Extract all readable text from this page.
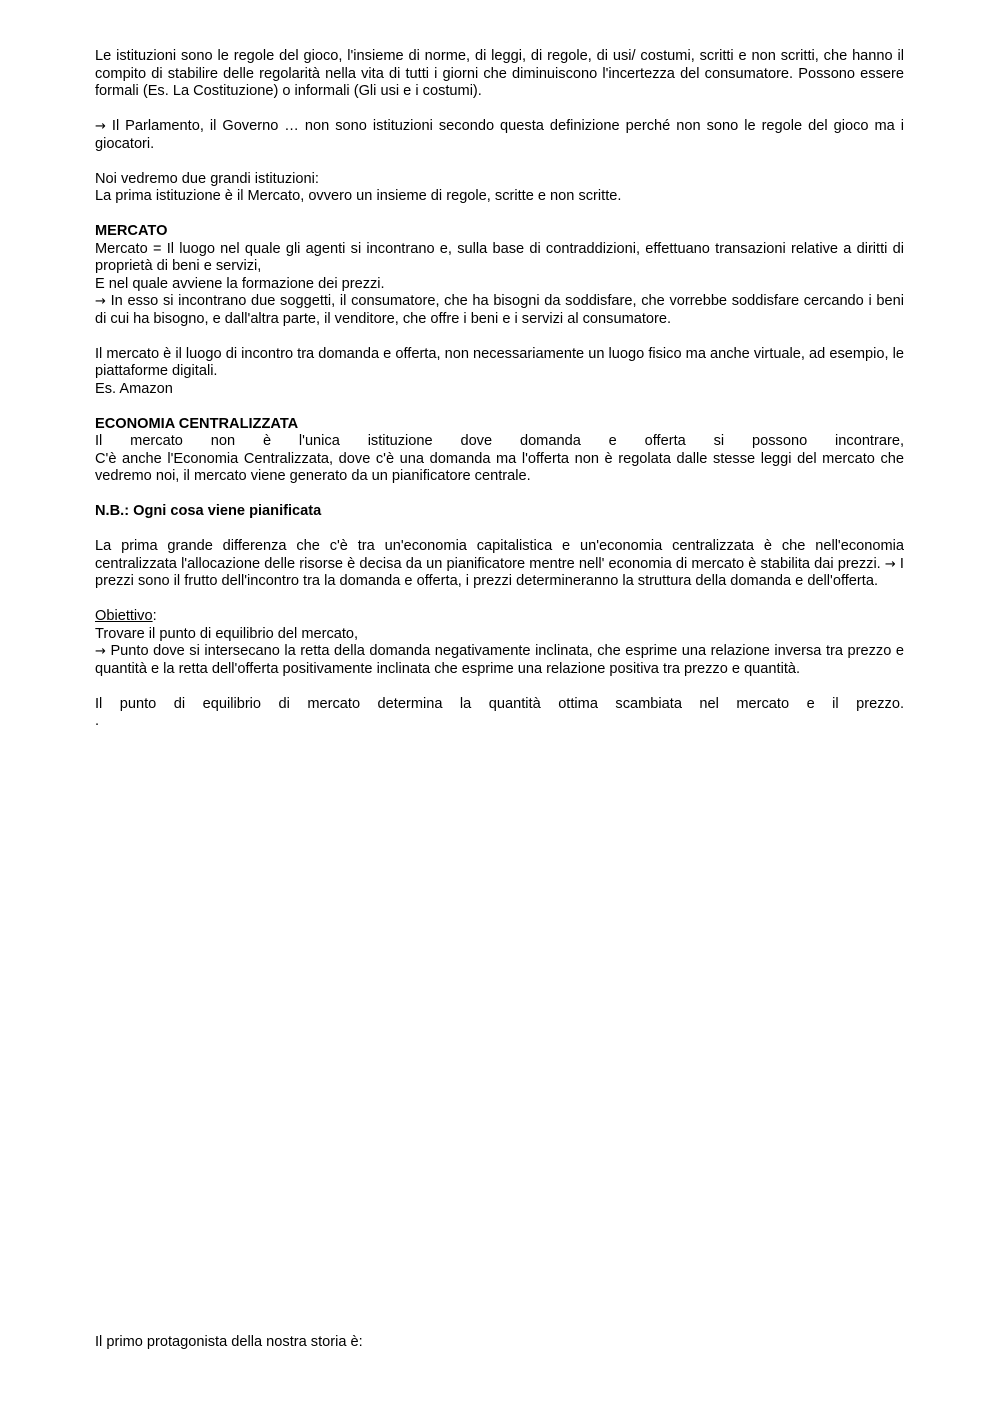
Le istituzioni sono le regole del gioco, l'insieme di norme, di leggi, di regole, di usi/ costumi, scritti e non scritti, che hanno il compito di stabilire delle regolarità nella vita di tutti i giorni che diminuiscono l'incertezza del consumatore. Possono essere formali (Es. La Costituzione) o informali (Gli usi e i costumi).

→ Il Parlamento, il Governo … non sono istituzioni secondo questa definizione perché non sono le regole del gioco ma i giocatori.

Noi vedremo due grandi istituzioni:

La prima istituzione è il Mercato, ovvero un insieme di regole, scritte e non scritte.

MERCATO

Mercato = Il luogo nel quale gli agenti si incontrano e, sulla base di contraddizioni, effettuano transazioni relative a diritti di proprietà di beni e servizi,

E nel quale avviene la formazione dei prezzi.

→ In esso si incontrano due soggetti, il consumatore, che ha bisogni da soddisfare, che vorrebbe soddisfare cercando i beni di cui ha bisogno, e dall'altra parte, il venditore, che offre i beni e i servizi al consumatore.

Il mercato è il luogo di incontro tra domanda e offerta, non necessariamente un luogo fisico ma anche virtuale, ad esempio, le piattaforme digitali.

Es. Amazon

ECONOMIA CENTRALIZZATA

Il mercato non è l'unica istituzione dove domanda e offerta si possono incontrare,

C'è anche l'Economia Centralizzata, dove c'è una domanda ma l'offerta non è regolata dalle stesse leggi del mercato che vedremo noi, il mercato viene generato da un pianificatore centrale.

N.B.: Ogni cosa viene pianificata

La prima grande differenza che c'è tra un'economia capitalistica e un'economia centralizzata è che nell'economia centralizzata l'allocazione delle risorse è decisa da un pianificatore mentre nell' economia di mercato è stabilita dai prezzi. → I prezzi sono il frutto dell'incontro tra la domanda e offerta, i prezzi determineranno la struttura della domanda e dell'offerta.

Obiettivo:

Trovare il punto di equilibrio del mercato,

→ Punto dove si intersecano la retta della domanda negativamente inclinata, che esprime una relazione inversa tra prezzo e quantità e la retta dell'offerta positivamente inclinata che esprime una relazione positiva tra prezzo e quantità.

Il punto di equilibrio di mercato determina la quantità ottima scambiata nel mercato e il prezzo.

.

Il primo protagonista della nostra storia è:
